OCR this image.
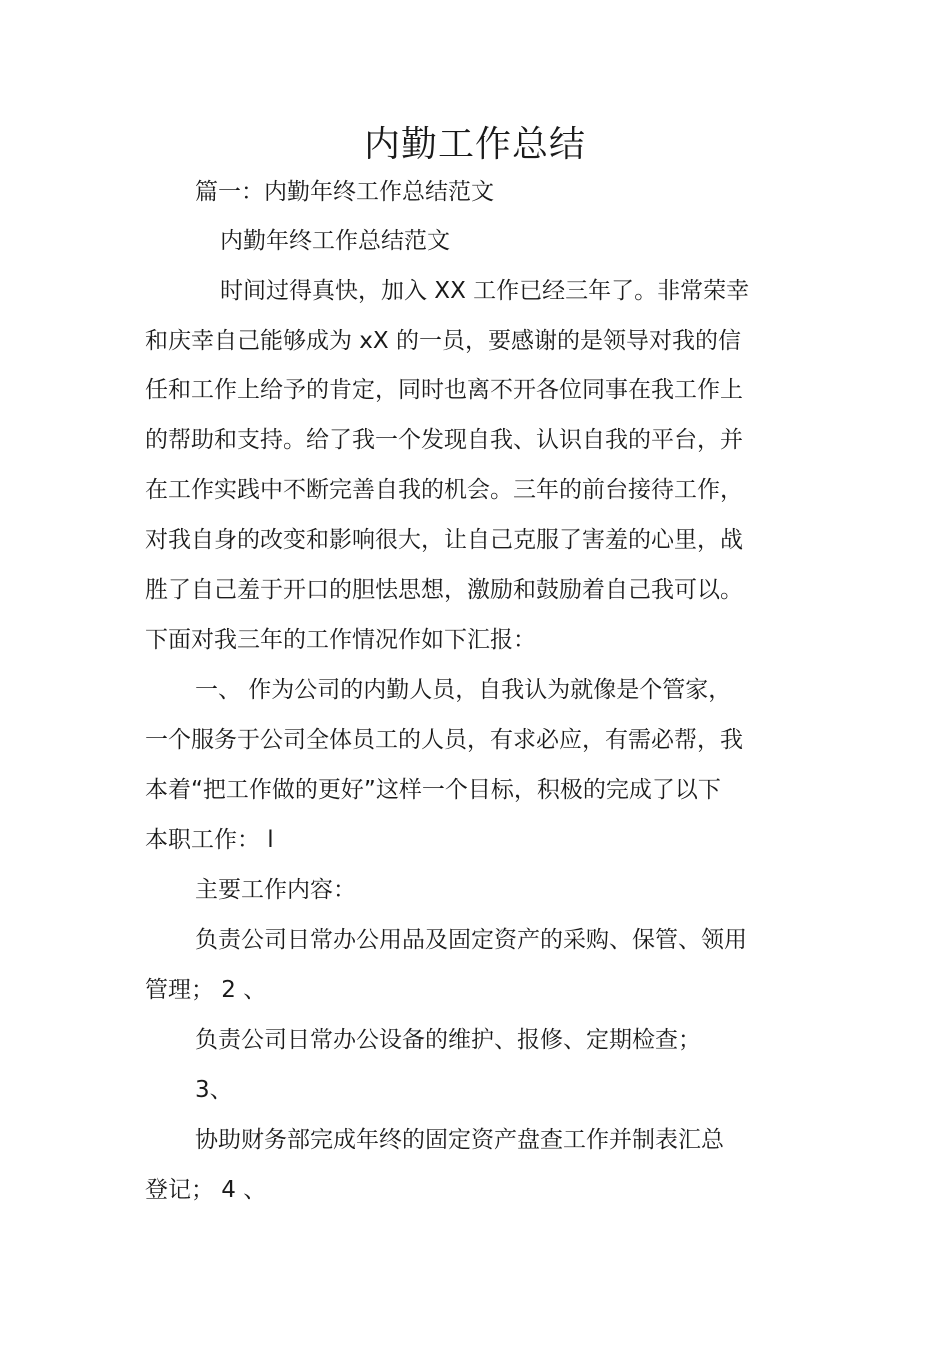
内勤工作总结

篇一：内勤年终工作总结范文

内勤年终工作总结范文

时间过得真快，加入 XX 工作已经三年了。非常荣幸

和庆幸自己能够成为 xX 的一员，要感谢的是领导对我的信

任和工作上给予的肯定，同时也离不开各位同事在我工作上

的帮助和支持。给了我一个发现自我、认识自我的平台，并

在工作实践中不断完善自我的机会。三年的前台接待工作，

对我自身的改变和影响很大，让自己克服了害羞的心里，战

胜了自己羞于开口的胆怯思想，激励和鼓励着自己我可以。

下面对我三年的工作情况作如下汇报：

一、 作为公司的内勤人员，自我认为就像是个管家，

一个服务于公司全体员工的人员，有求必应，有需必帮，我

本着“把工作做的更好”这样一个目标，积极的完成了以下

本职工作： l

主要工作内容：

负责公司日常办公用品及固定资产的采购、保管、领用

管理； 2 、

负责公司日常办公设备的维护、报修、定期检查；

3、

协助财务部完成年终的固定资产盘查工作并制表汇总

登记； 4 、
